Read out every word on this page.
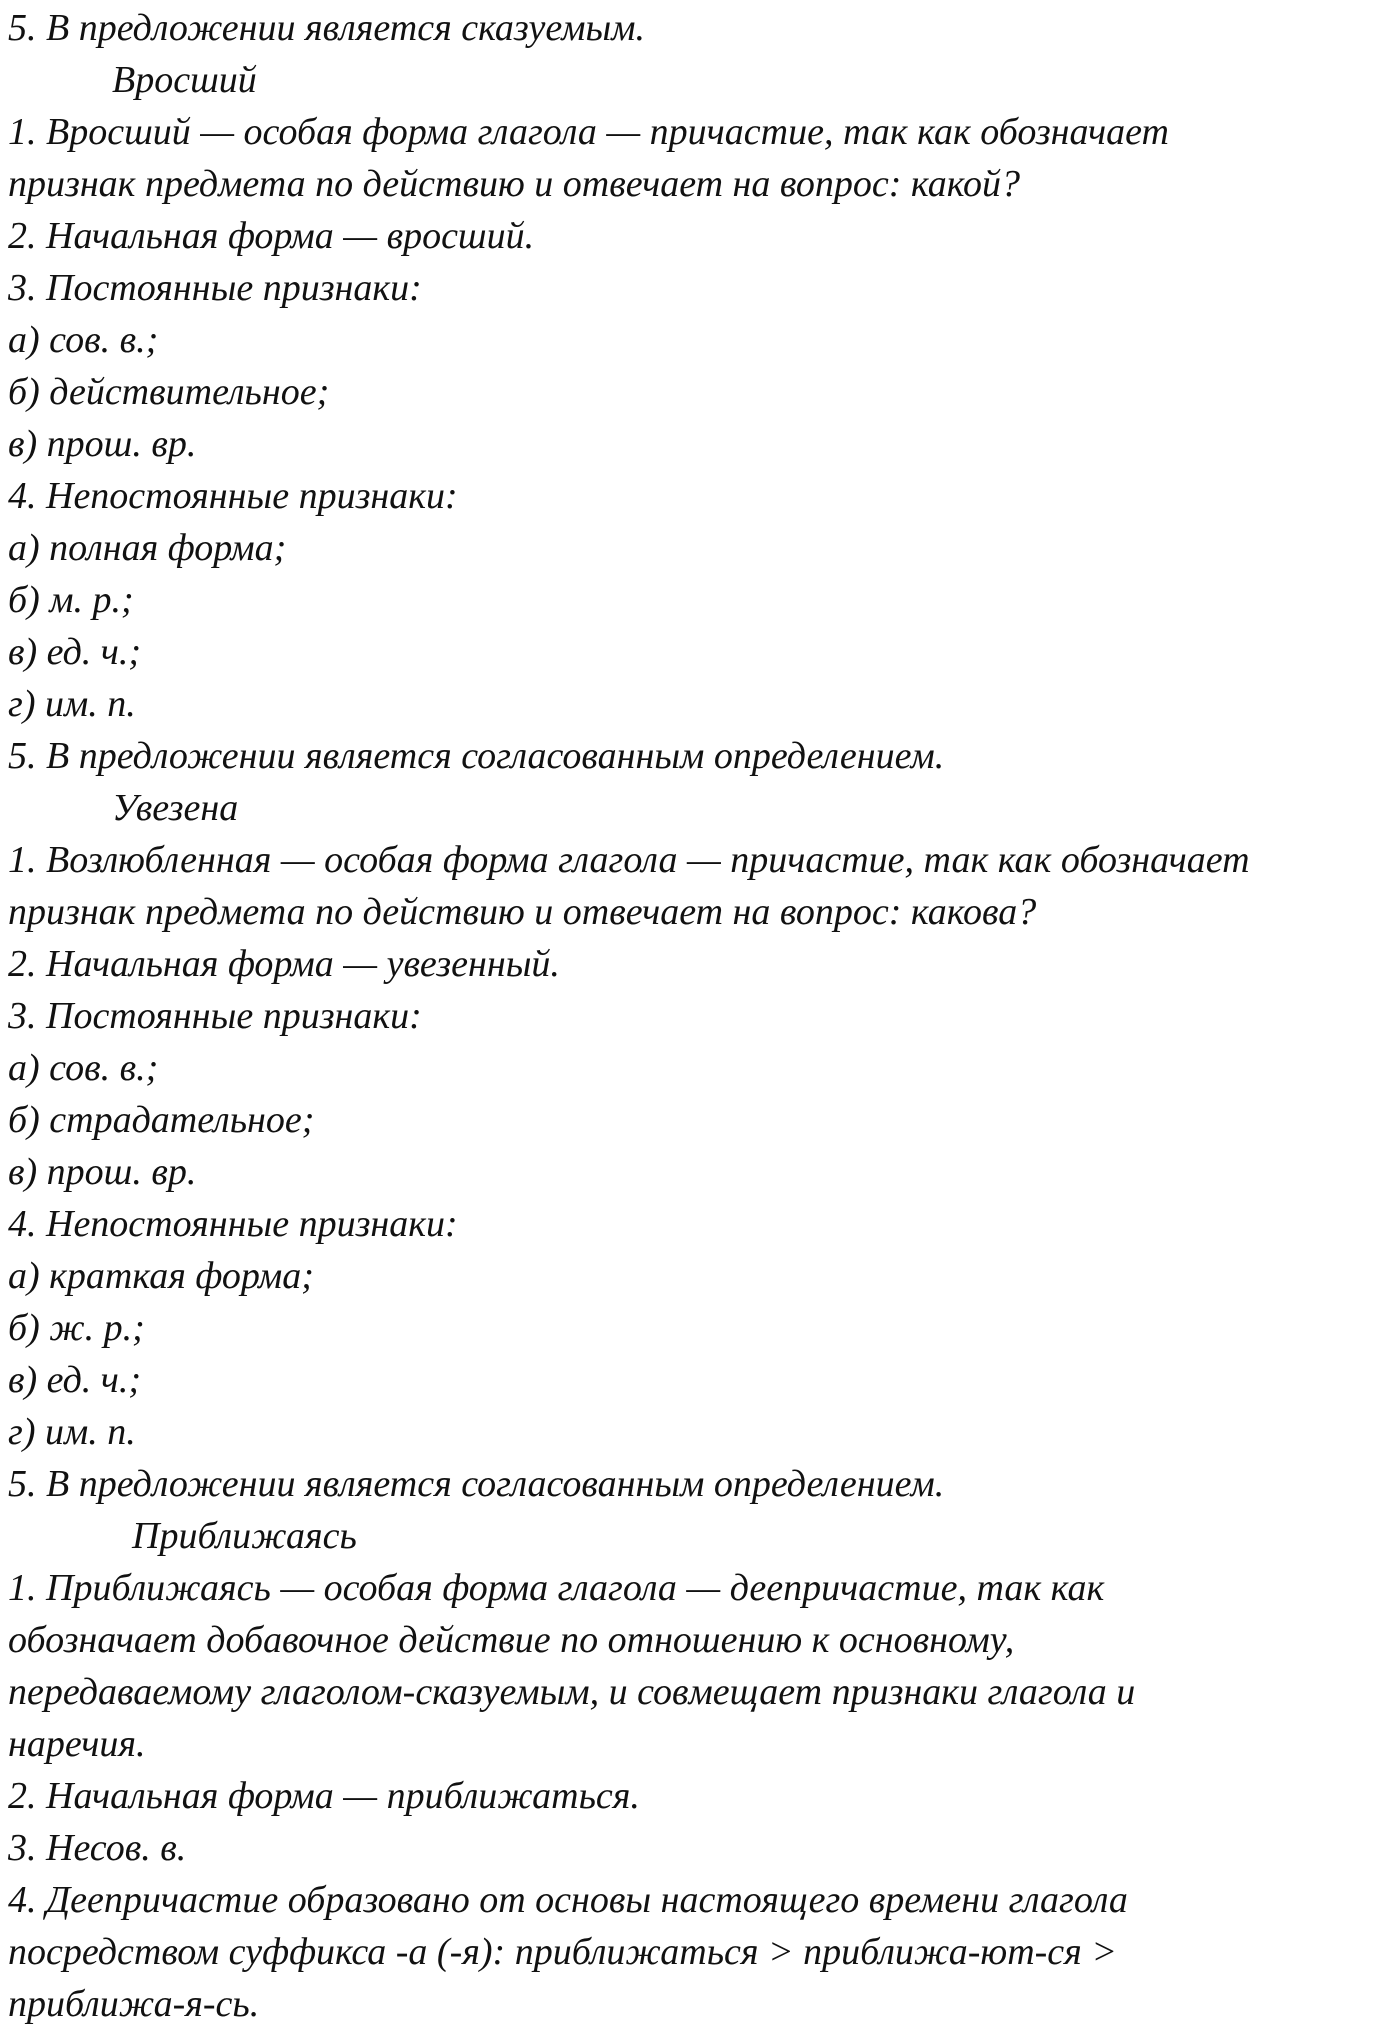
5. В предложении является сказуемым.
Вросший
1. Вросший — особая форма глагола — причастие, так как обозначает
признак предмета по действию и отвечает на вопрос: какой?
2. Начальная форма — вросший.
3. Постоянные признаки:
а) сов. в.;
б) действительное;
в) прош. вр.
4. Непостоянные признаки:
а) полная форма;
б) м. р.;
в) ед. ч.;
г) им. п.
5. В предложении является согласованным определением.
Увезена
1. Возлюбленная — особая форма глагола — причастие, так как обозначает
признак предмета по действию и отвечает на вопрос: какова?
2. Начальная форма — увезенный.
3. Постоянные признаки:
а) сов. в.;
б) страдательное;
в) прош. вр.
4. Непостоянные признаки:
а) краткая форма;
б) ж. р.;
в) ед. ч.;
г) им. п.
5. В предложении является согласованным определением.
Приближаясь
1. Приближаясь — особая форма глагола — деепричастие, так как
обозначает добавочное действие по отношению к основному,
передаваемому глаголом-сказуемым, и совмещает признаки глагола и
наречия.
2. Начальная форма — приближаться.
3. Несов. в.
4. Деепричастие образовано от основы настоящего времени глагола
посредством суффикса -а (-я): приближаться > приближа-ют-ся >
приближа-я-сь.
